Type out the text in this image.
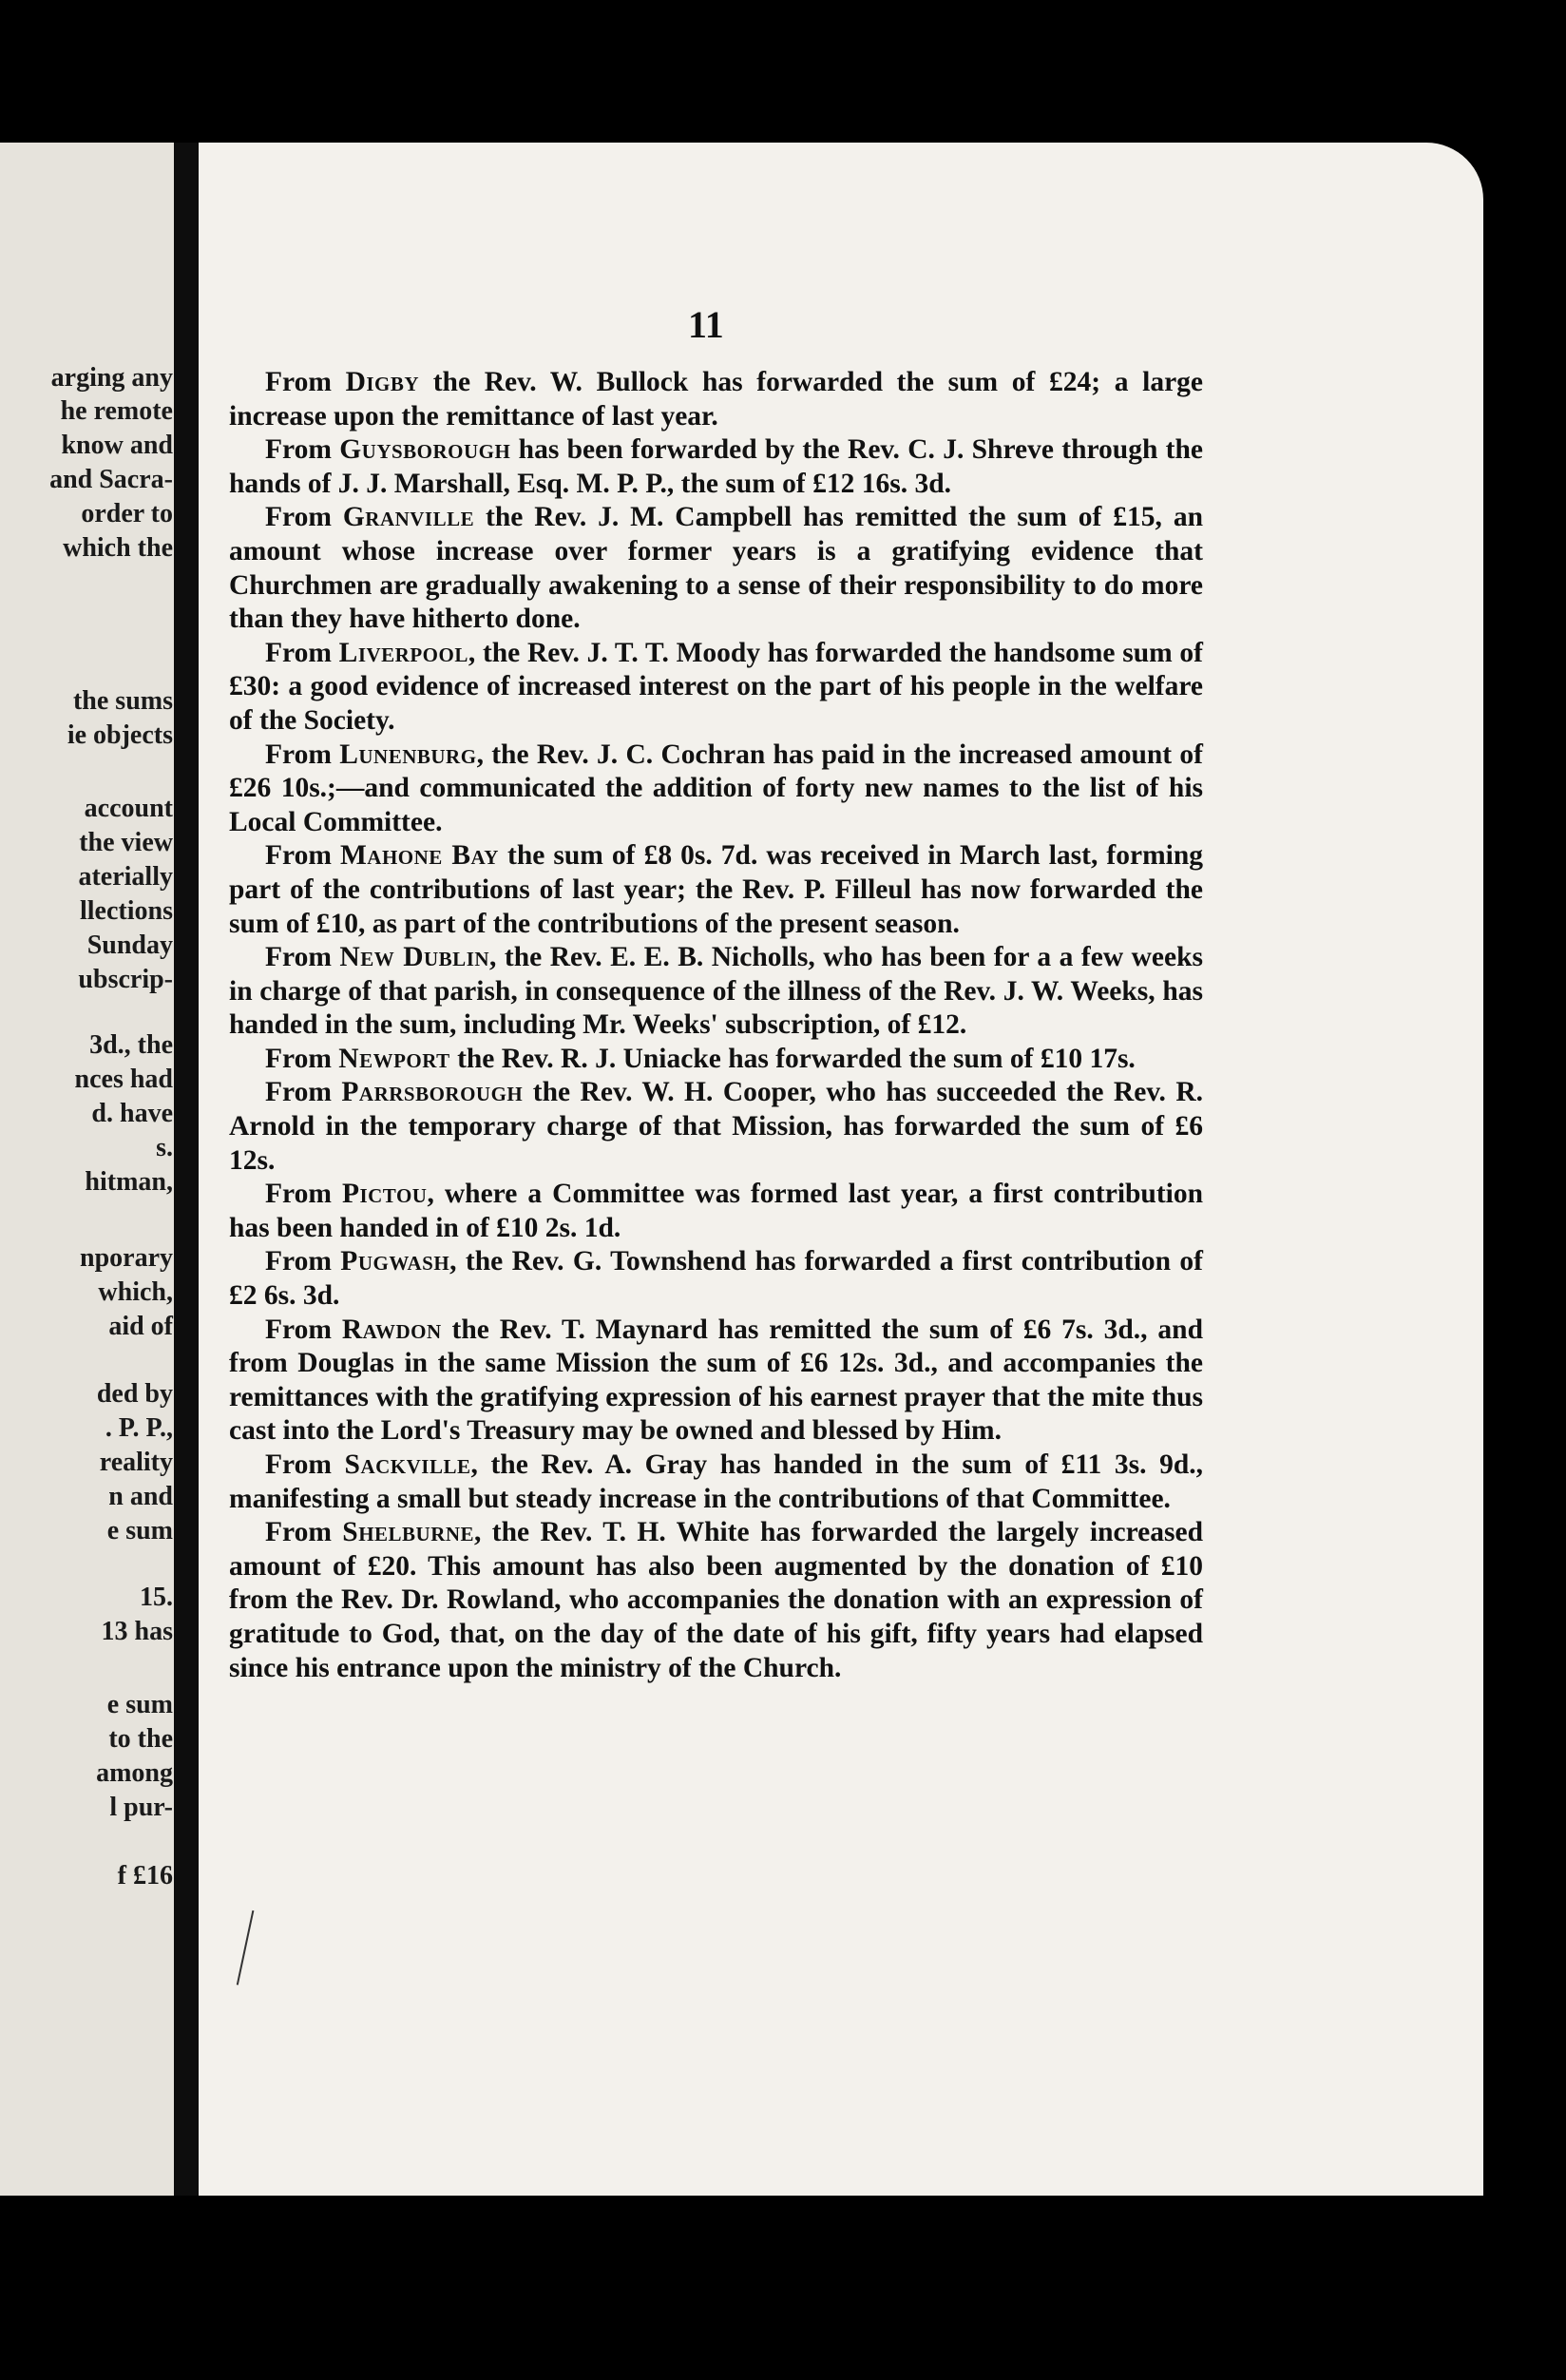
arging any
he remote
know and
and Sacra-
order to
which the
the sums
ie objects
account
the view
aterially
llections
Sunday
ubscrip-
3d., the
nces had
d. have
s.
hitman,
nporary
which,
aid of
ded by
. P. P.,
reality
n and
e sum
15.
13 has
e sum
to the
among
l pur-
f £16
11

From Digby the Rev. W. Bullock has forwarded the sum of £24; a large increase upon the remittance of last year.

From Guysborough has been forwarded by the Rev. C. J. Shreve through the hands of J. J. Marshall, Esq. M. P. P., the sum of £12 16s. 3d.

From Granville the Rev. J. M. Campbell has remitted the sum of £15, an amount whose increase over former years is a gratifying evidence that Churchmen are gradually awakening to a sense of their responsibility to do more than they have hitherto done.

From Liverpool, the Rev. J. T. T. Moody has forwarded the handsome sum of £30: a good evidence of increased interest on the part of his people in the welfare of the Society.

From Lunenburg, the Rev. J. C. Cochran has paid in the increased amount of £26 10s.;—and communicated the addition of forty new names to the list of his Local Committee.

From Mahone Bay the sum of £8 0s. 7d. was received in March last, forming part of the contributions of last year; the Rev. P. Filleul has now forwarded the sum of £10, as part of the contributions of the present season.

From New Dublin, the Rev. E. E. B. Nicholls, who has been for a a few weeks in charge of that parish, in consequence of the illness of the Rev. J. W. Weeks, has handed in the sum, including Mr. Weeks' subscription, of £12.

From Newport the Rev. R. J. Uniacke has forwarded the sum of £10 17s.

From Parrsborough the Rev. W. H. Cooper, who has succeeded the Rev. R. Arnold in the temporary charge of that Mission, has forwarded the sum of £6 12s.

From Pictou, where a Committee was formed last year, a first contribution has been handed in of £10 2s. 1d.

From Pugwash, the Rev. G. Townshend has forwarded a first contribution of £2 6s. 3d.

From Rawdon the Rev. T. Maynard has remitted the sum of £6 7s. 3d., and from Douglas in the same Mission the sum of £6 12s. 3d., and accompanies the remittances with the gratifying expression of his earnest prayer that the mite thus cast into the Lord's Treasury may be owned and blessed by Him.

From Sackville, the Rev. A. Gray has handed in the sum of £11 3s. 9d., manifesting a small but steady increase in the contributions of that Committee.

From Shelburne, the Rev. T. H. White has forwarded the largely increased amount of £20. This amount has also been augmented by the donation of £10 from the Rev. Dr. Rowland, who accompanies the donation with an expression of gratitude to God, that, on the day of the date of his gift, fifty years had elapsed since his entrance upon the ministry of the Church.
